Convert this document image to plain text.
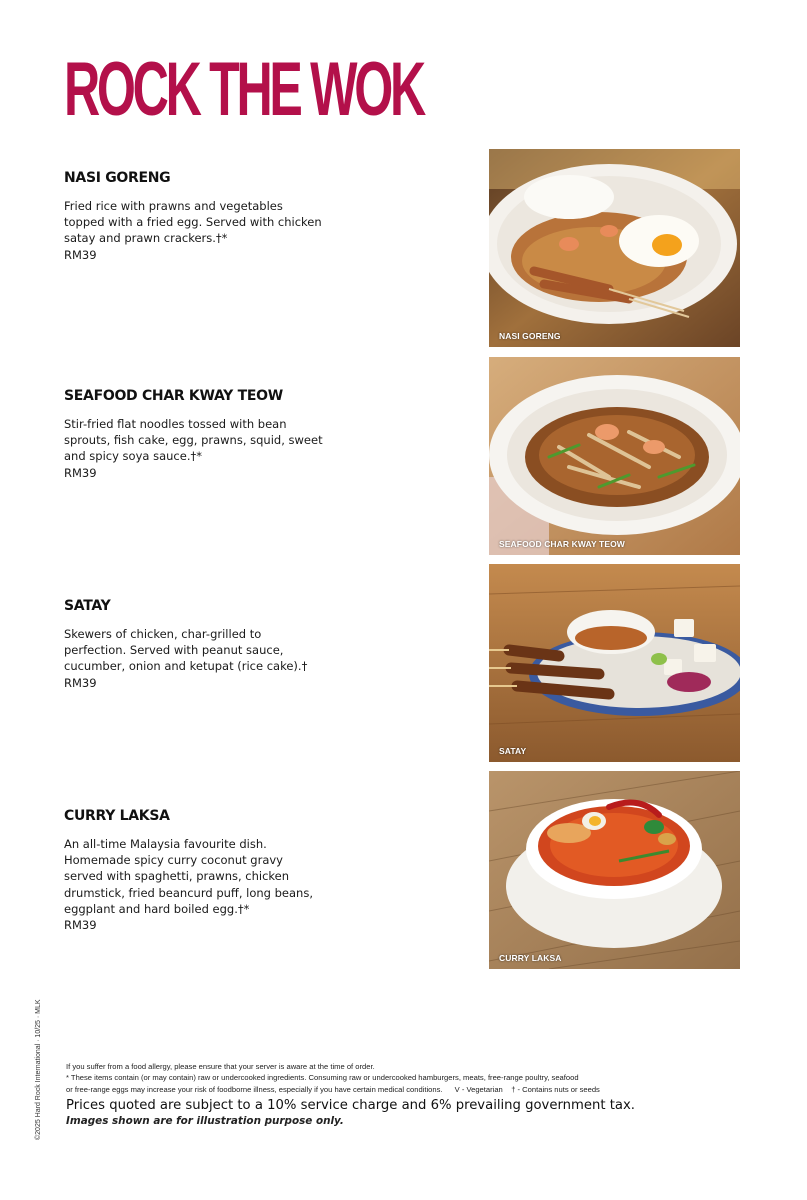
ROCK THE WOK
NASI GORENG
Fried rice with prawns and vegetables topped with a fried egg. Served with chicken satay and prawn crackers.†*
RM39
SEAFOOD CHAR KWAY TEOW
Stir-fried flat noodles tossed with bean sprouts, fish cake, egg, prawns, squid, sweet and spicy soya sauce.†*
RM39
SATAY
Skewers of chicken, char-grilled to perfection. Served with peanut sauce, cucumber, onion and ketupat (rice cake).†
RM39
CURRY LAKSA
An all-time Malaysia favourite dish. Homemade spicy curry coconut gravy served with spaghetti, prawns, chicken drumstick, fried beancurd puff, long beans, eggplant and hard boiled egg.†*
RM39
NASI GORENG
SEAFOOD CHAR KWAY TEOW
SATAY
CURRY LAKSA
©2025 Hard Rock International · 10/25 · MLK	If you suffer from a food allergy, please ensure that your server is aware at the time of order.
* These items contain (or may contain) raw or undercooked ingredients. Consuming raw or undercooked hamburgers, meats, free-range poultry, seafood
or free-range eggs may increase your risk of foodborne illness, especially if you have certain medical conditions. V - Vegetarian    † - Contains nuts or seeds
Prices quoted are subject to a 10% service charge and 6% prevailing government tax.
Images shown are for illustration purpose only.
